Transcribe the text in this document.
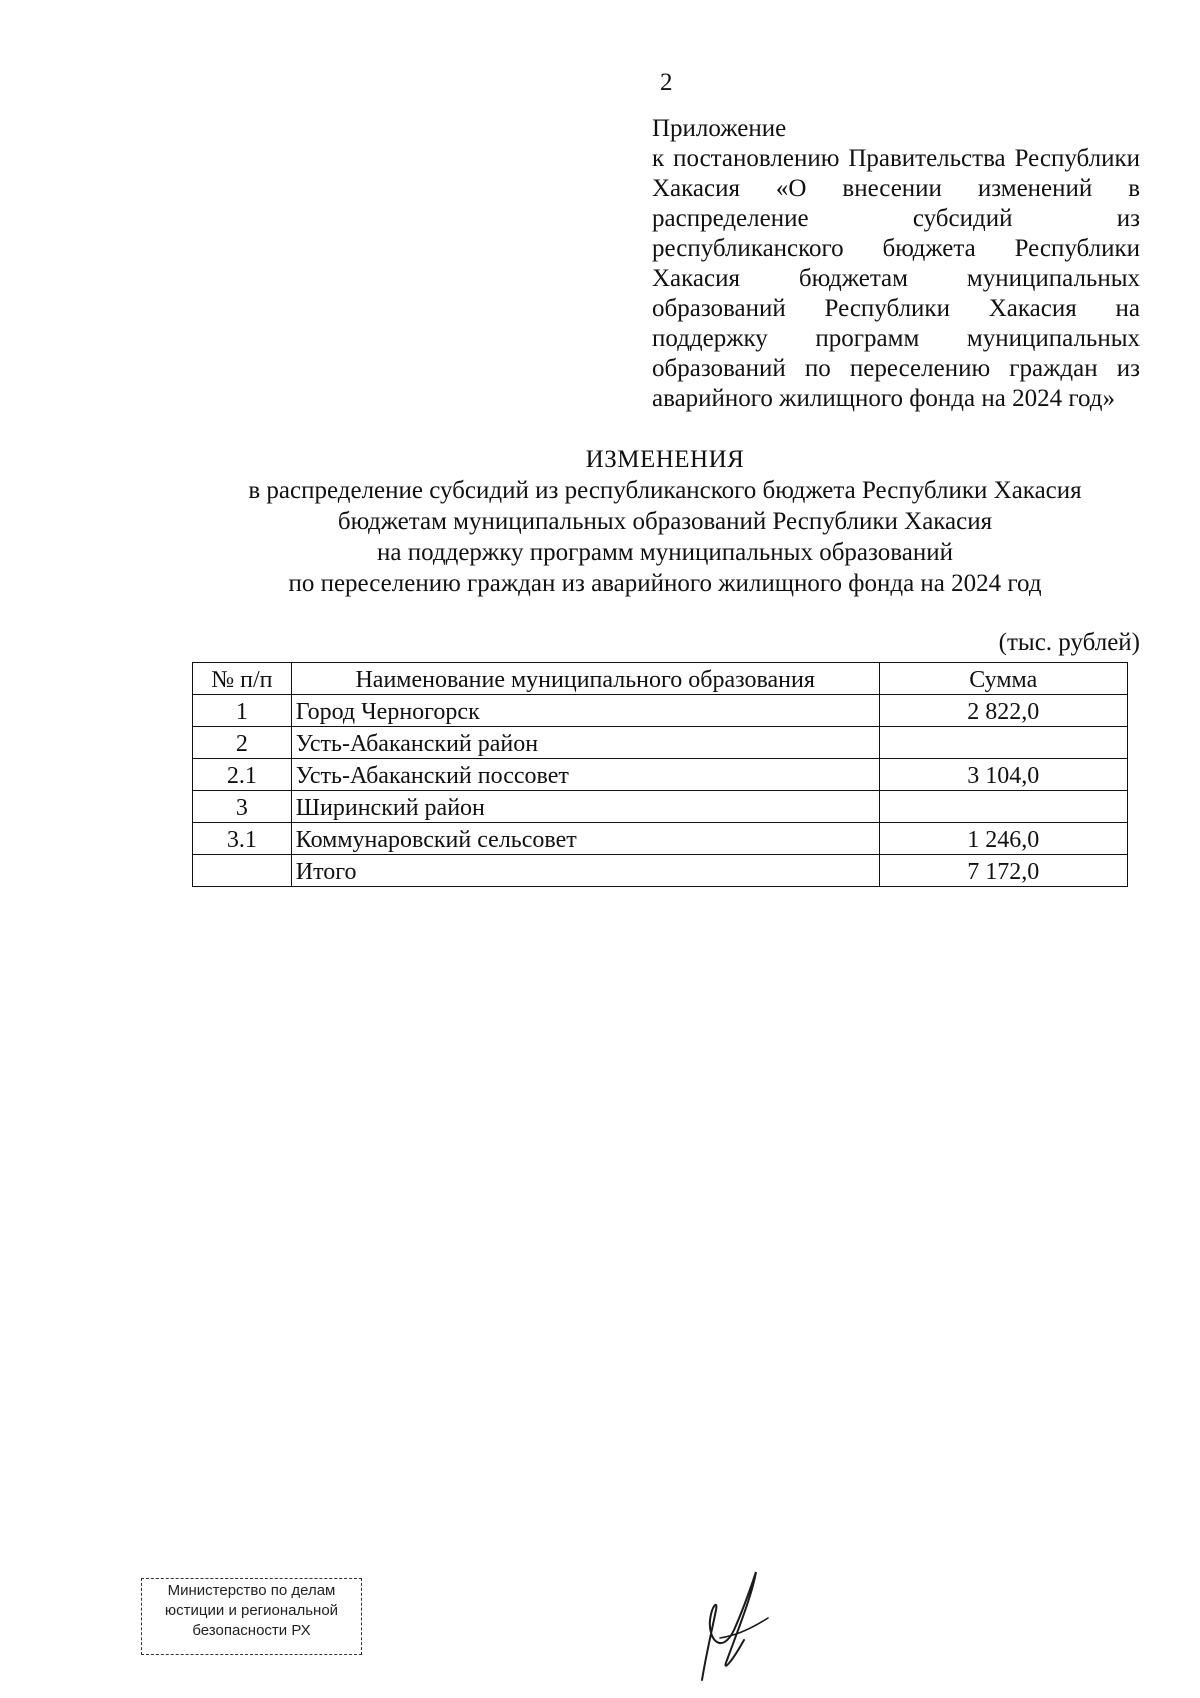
2
Приложение
к постановлению Правительства Республики Хакасия «О внесении изменений в распределение субсидий из республиканского бюджета Республики Хакасия бюджетам муниципальных образований Республики Хакасия на поддержку программ муниципальных образований по переселению граждан из аварийного жилищного фонда на 2024 год»
ИЗМЕНЕНИЯ
в распределение субсидий из республиканского бюджета Республики Хакасия
бюджетам муниципальных образований Республики Хакасия
на поддержку программ муниципальных образований
по переселению граждан из аварийного жилищного фонда на 2024 год
(тыс. рублей)
№ п/п	Наименование муниципального образования	Сумма
1	Город Черногорск	2 822,0
2	Усть-Абаканский район	
2.1	Усть-Абаканский поссовет	3 104,0
3	Ширинский район	
3.1	Коммунаровский сельсовет	1 246,0
	Итого	7 172,0
Министерство по делам
юстиции и региональной
безопасности РХ
